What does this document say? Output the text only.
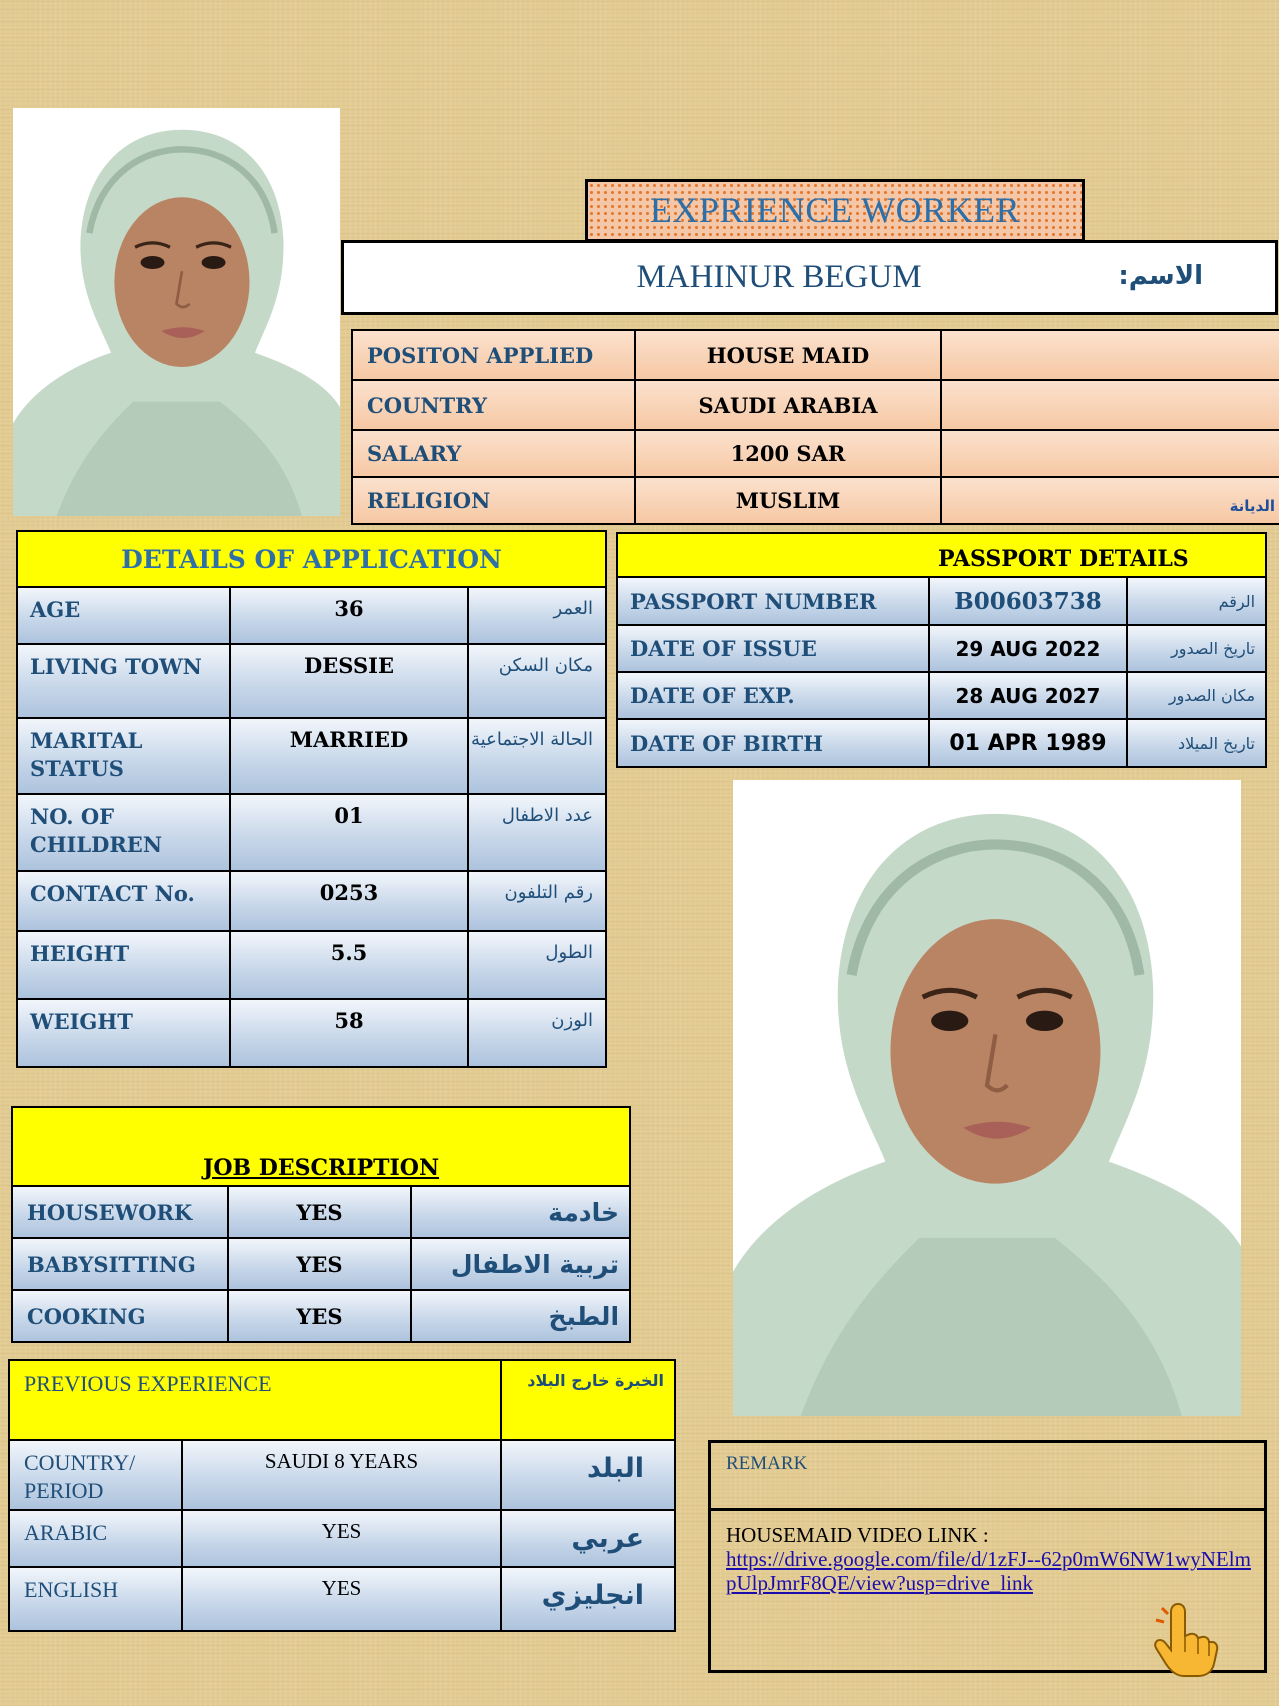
EXPRIENCE WORKER
MAHINUR BEGUM	الاسم:
POSITON APPLIED	HOUSE MAID	
COUNTRY	SAUDI ARABIA	
SALARY	1200 SAR	
RELIGION	MUSLIM	الديانة
DETAILS OF APPLICATION		
AGE	36	العمر
LIVING TOWN	DESSIE	مكان السكن
MARITAL STATUS	MARRIED	الحالة الاجتماعية
NO. OF CHILDREN	01	عدد الاطفال
CONTACT No.	0253	رقم التلفون
HEIGHT	5.5	الطول
WEIGHT	58	الوزن
PASSPORT DETAILS		
PASSPORT NUMBER	B00603738	الرقم
DATE OF ISSUE	29 AUG 2022	تاريخ الصدور
DATE OF EXP.	28 AUG 2027	مكان الصدور
DATE OF BIRTH	01 APR 1989	تاريخ الميلاد
JOB DESCRIPTION		
HOUSEWORK	YES	خادمة
BABYSITTING	YES	تربية الاطفال
COOKING	YES	الطبخ
PREVIOUS EXPERIENCE		الخبرة خارج البلاد
COUNTRY/ PERIOD	SAUDI 8 YEARS	البلد
ARABIC	YES	عربي
ENGLISH	YES	انجليزي
REMARK

HOUSEMAID VIDEO LINK :
https://drive.google.com/file/d/1zFJ--62p0mW6NW1wyNElmpUlpJmrF8QE/view?usp=drive_link
